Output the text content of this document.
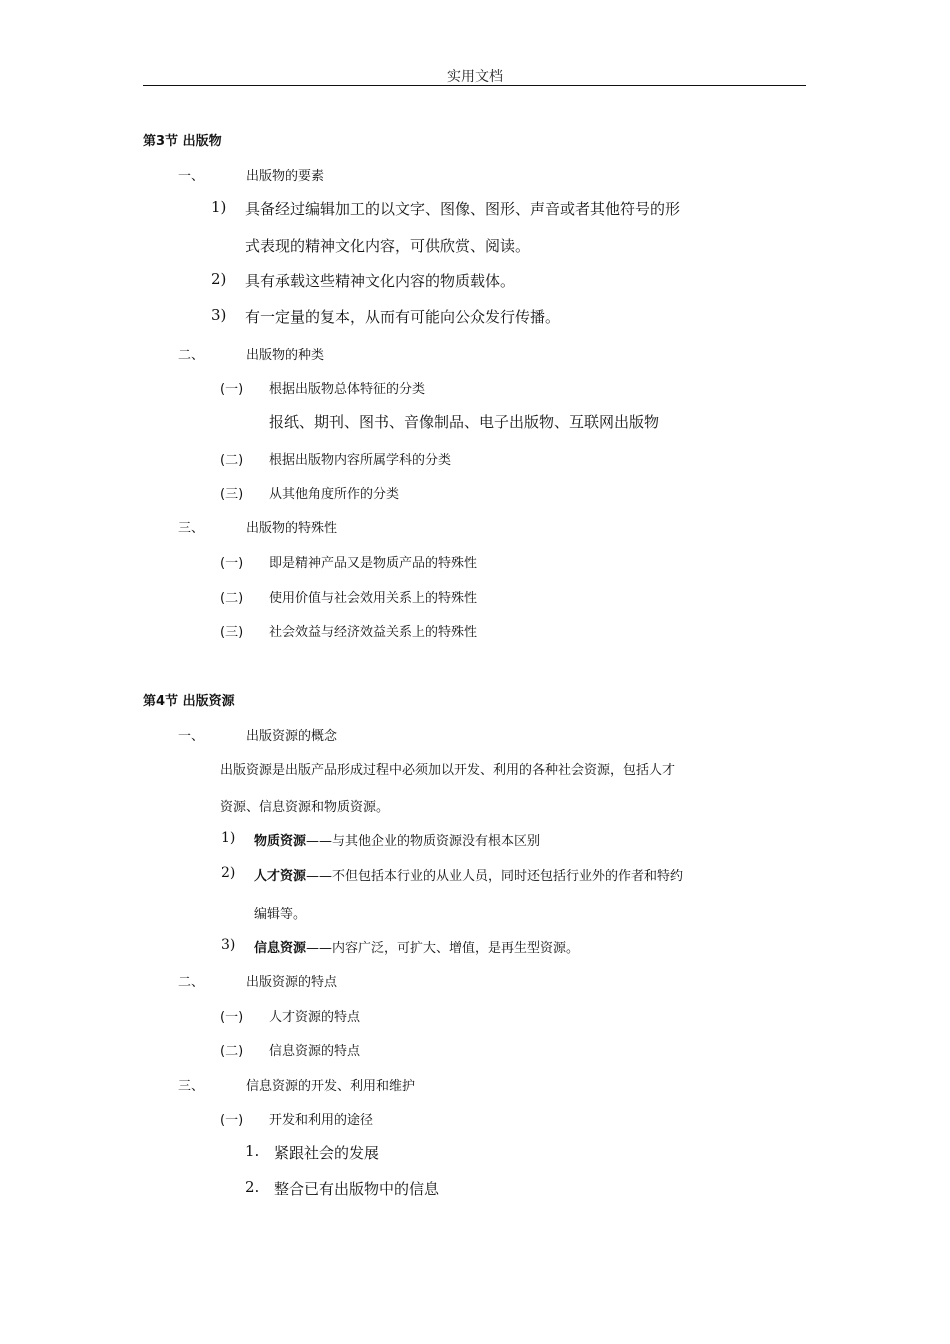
实用文档
第3节 出版物
一、	出版物的要素
1) 具备经过编辑加工的以文字、图像、图形、声音或者其他符号的形
式表现的精神文化内容，可供欣赏、阅读。
2) 具有承载这些精神文化内容的物质载体。
3) 有一定量的复本，从而有可能向公众发行传播。
二、	出版物的种类
(一) 根据出版物总体特征的分类
报纸、期刊、图书、音像制品、电子出版物、互联网出版物
(二) 根据出版物内容所属学科的分类
(三) 从其他角度所作的分类
三、	出版物的特殊性
(一) 即是精神产品又是物质产品的特殊性
(二) 使用价值与社会效用关系上的特殊性
(三) 社会效益与经济效益关系上的特殊性
第4节 出版资源
一、	出版资源的概念
出版资源是出版产品形成过程中必须加以开发、利用的各种社会资源，包括人才
资源、信息资源和物质资源。
1) 物质资源——与其他企业的物质资源没有根本区别
2) 人才资源——不但包括本行业的从业人员，同时还包括行业外的作者和特约
编辑等。
3) 信息资源——内容广泛，可扩大、增值，是再生型资源。
二、	出版资源的特点
(一) 人才资源的特点
(二) 信息资源的特点
三、	信息资源的开发、利用和维护
(一) 开发和利用的途径
1. 紧跟社会的发展
2. 整合已有出版物中的信息
